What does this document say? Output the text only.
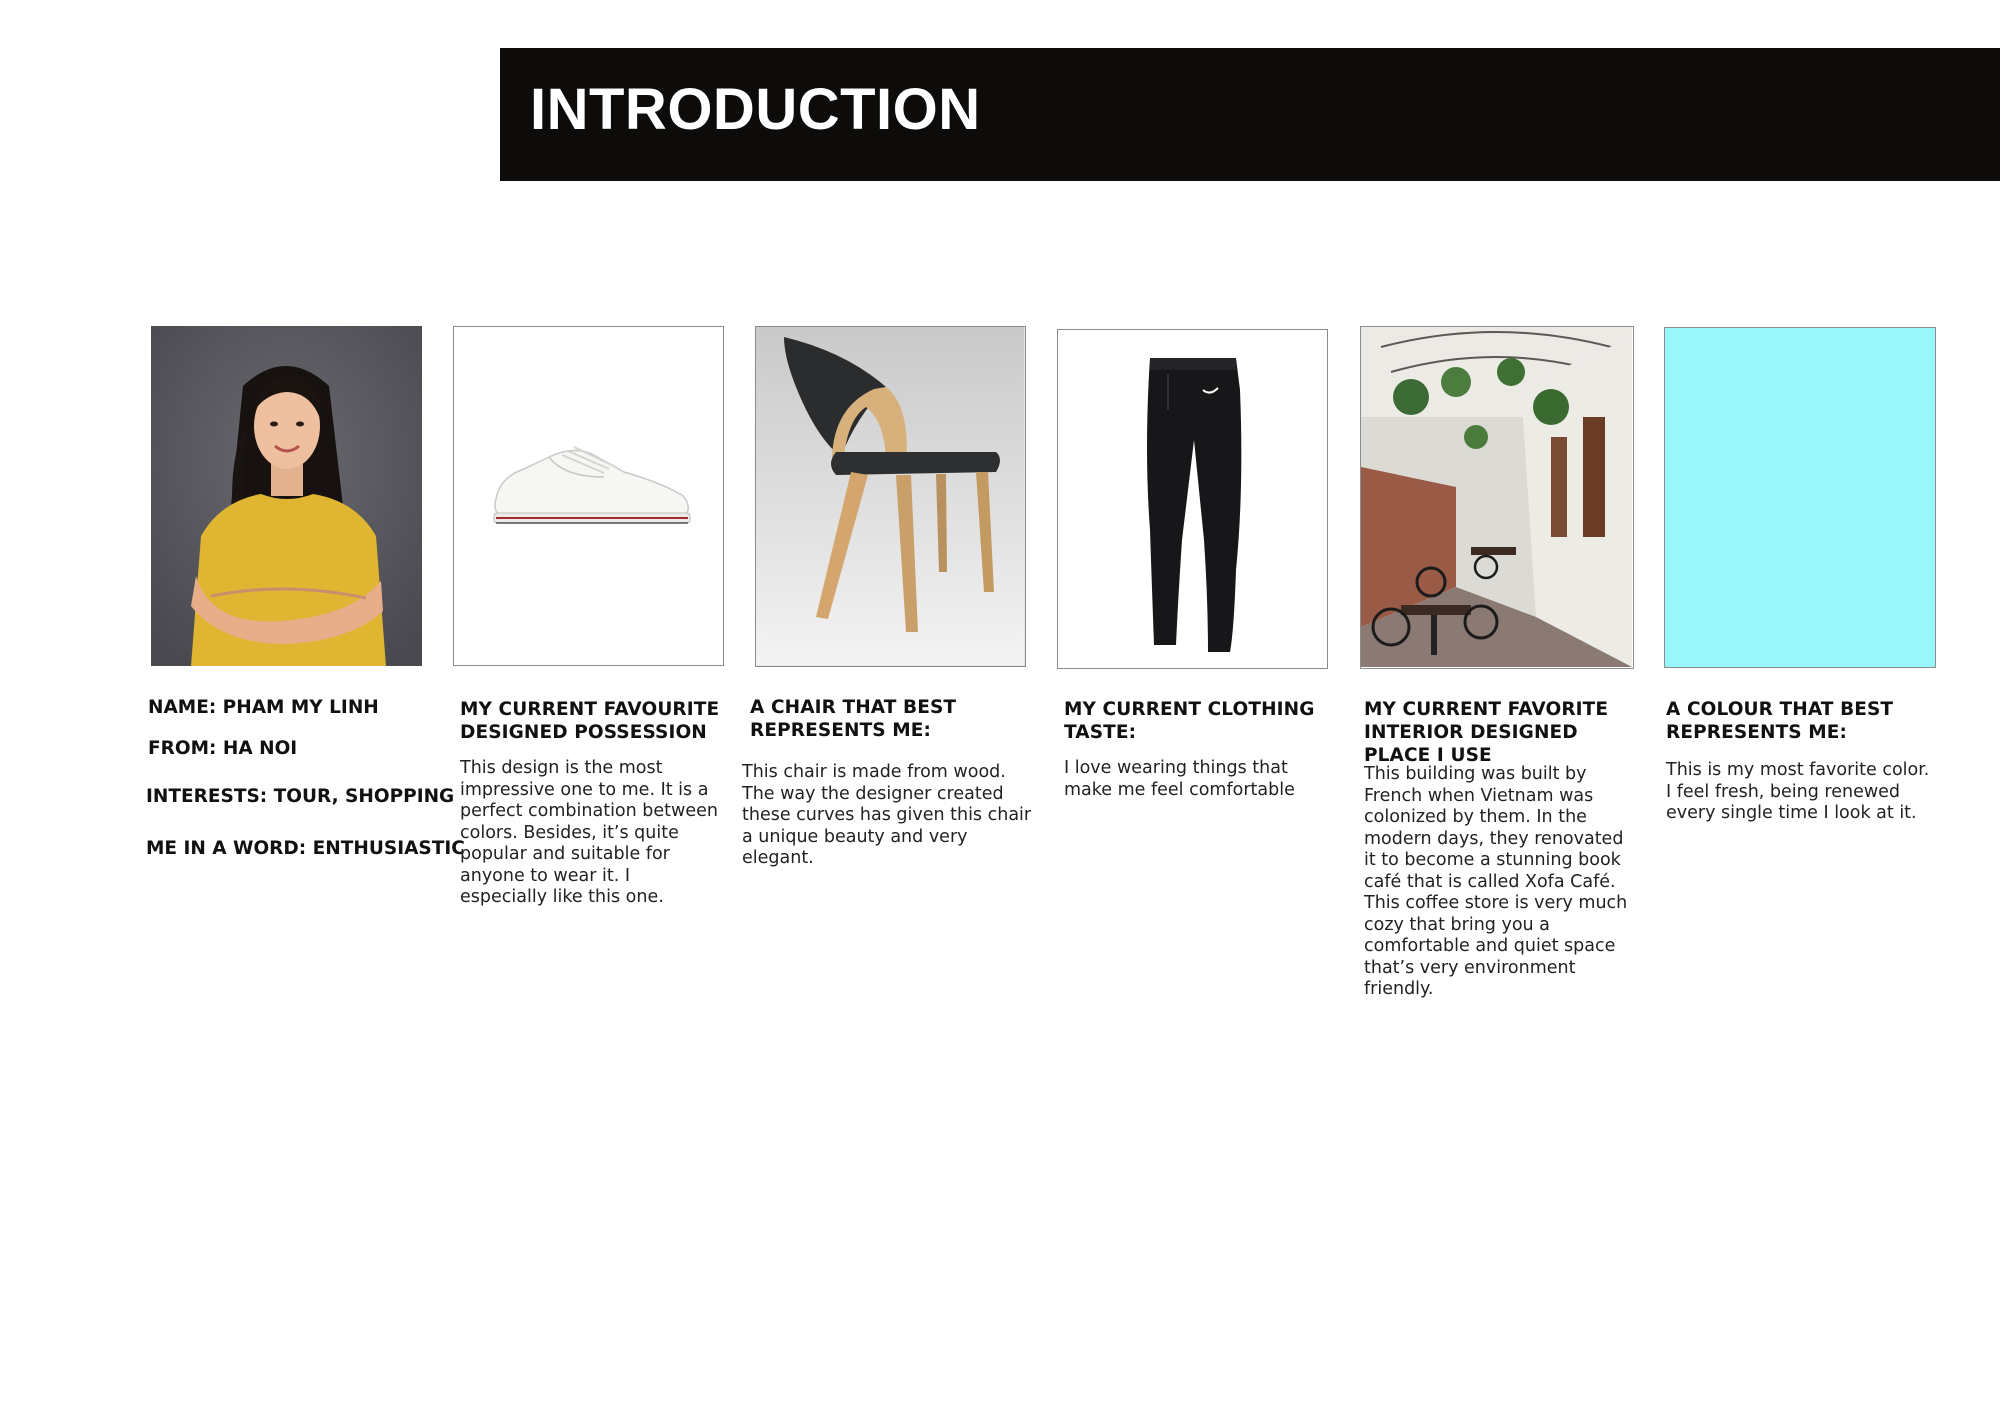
INTRODUCTION
NAME: PHAM MY LINH
FROM: HA NOI
INTERESTS: TOUR, SHOPPING
ME IN A WORD: ENTHUSIASTIC
MY CURRENT FAVOURITE DESIGNED POSSESSION
This design is the most impressive one to me. It is a perfect combination between colors. Besides, it’s quite popular and suitable for anyone to wear it. I especially like this one.
A CHAIR THAT BEST REPRESENTS ME:
This chair is made from wood. The way the designer created these curves has given this chair a unique beauty and very elegant.
MY CURRENT CLOTHING TASTE:
I love wearing things that make me feel comfortable
MY CURRENT FAVORITE INTERIOR DESIGNED PLACE I USE
This building was built by French when Vietnam was colonized by them. In the modern days, they renovated it to become a stunning book café that is called Xofa Café. This coffee store is very much cozy that bring you a comfortable and quiet space that’s very environment friendly.
A COLOUR THAT BEST REPRESENTS ME:
This is my most favorite color. I feel fresh, being renewed every single time I look at it.
